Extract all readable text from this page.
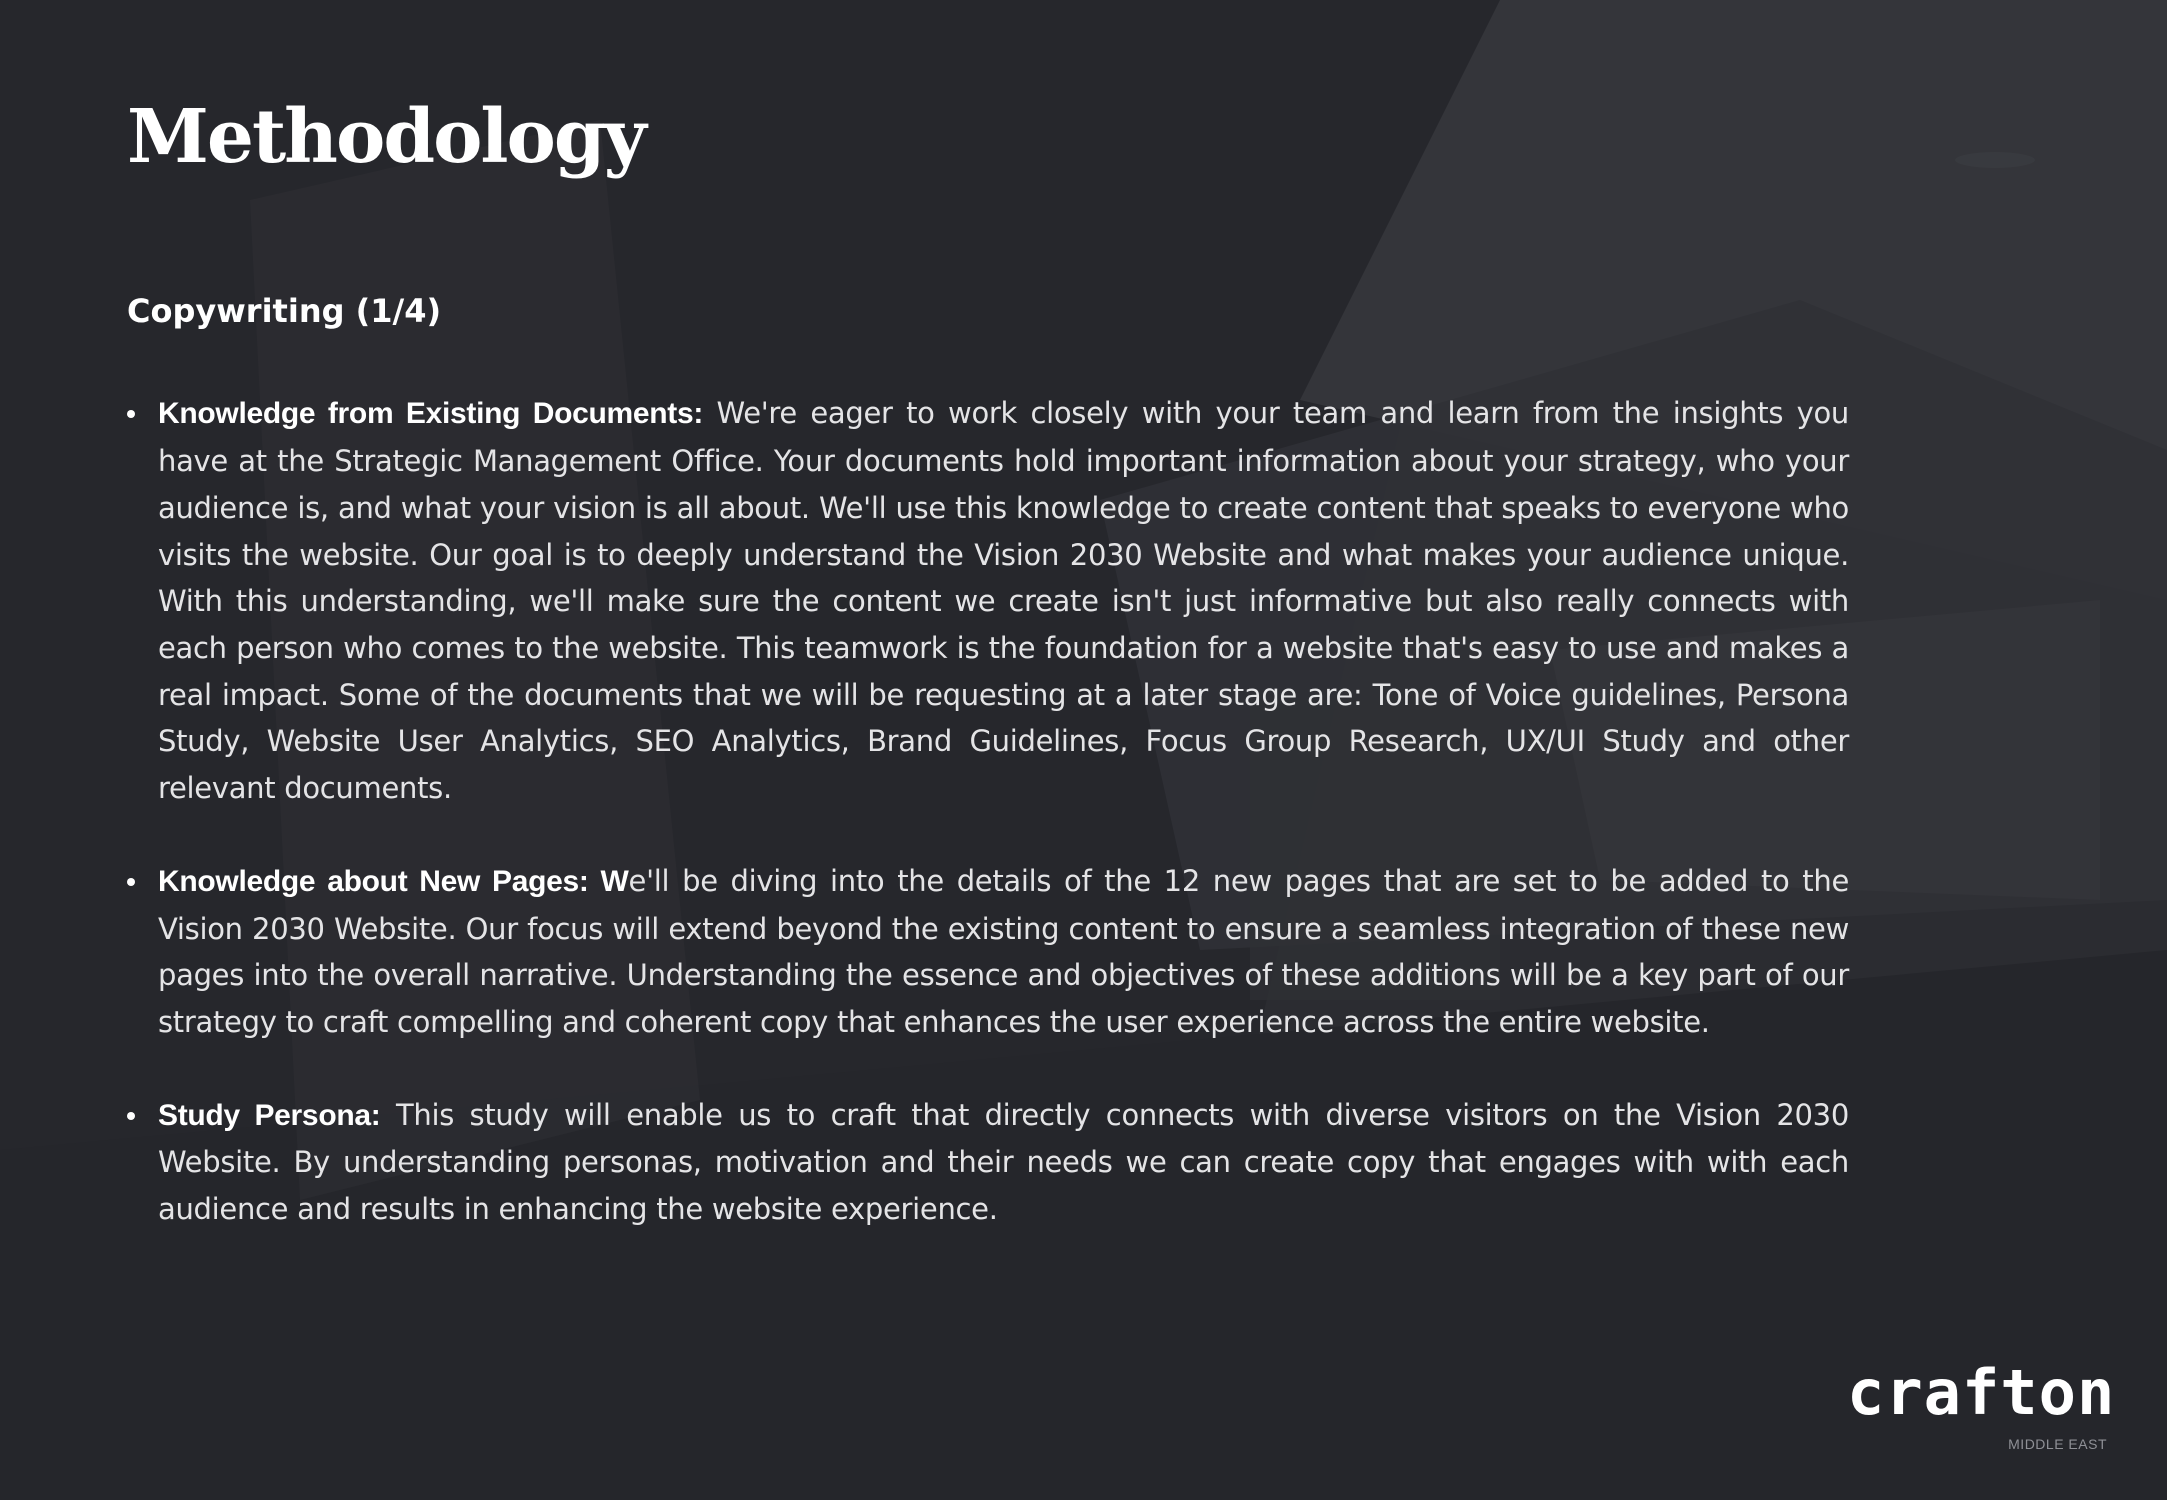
Methodology
Copywriting (1/4)
Knowledge from Existing Documents: We're eager to work closely with your team and learn from the insights you have at the Strategic Management Office. Your documents hold important information about your strategy, who your audience is, and what your vision is all about. We'll use this knowledge to create content that speaks to everyone who visits the website. Our goal is to deeply understand the Vision 2030 Website and what makes your audience unique. With this understanding, we'll make sure the content we create isn't just informative but also really connects with each person who comes to the website. This teamwork is the foundation for a website that's easy to use and makes a real impact. Some of the documents that we will be requesting at a later stage are: Tone of Voice guidelines, Persona Study, Website User Analytics, SEO Analytics, Brand Guidelines, Focus Group Research, UX/UI Study and other relevant documents.
Knowledge about New Pages: We'll be diving into the details of the 12 new pages that are set to be added to the Vision 2030 Website. Our focus will extend beyond the existing content to ensure a seamless integration of these new pages into the overall narrative. Understanding the essence and objectives of these additions will be a key part of our strategy to craft compelling and coherent copy that enhances the user experience across the entire website.
Study Persona: This study will enable us to craft that directly connects with diverse visitors on the Vision 2030 Website. By understanding personas, motivation and their needs we can create copy that engages with with each audience and results in enhancing the website experience.
crafton
MIDDLE EAST
